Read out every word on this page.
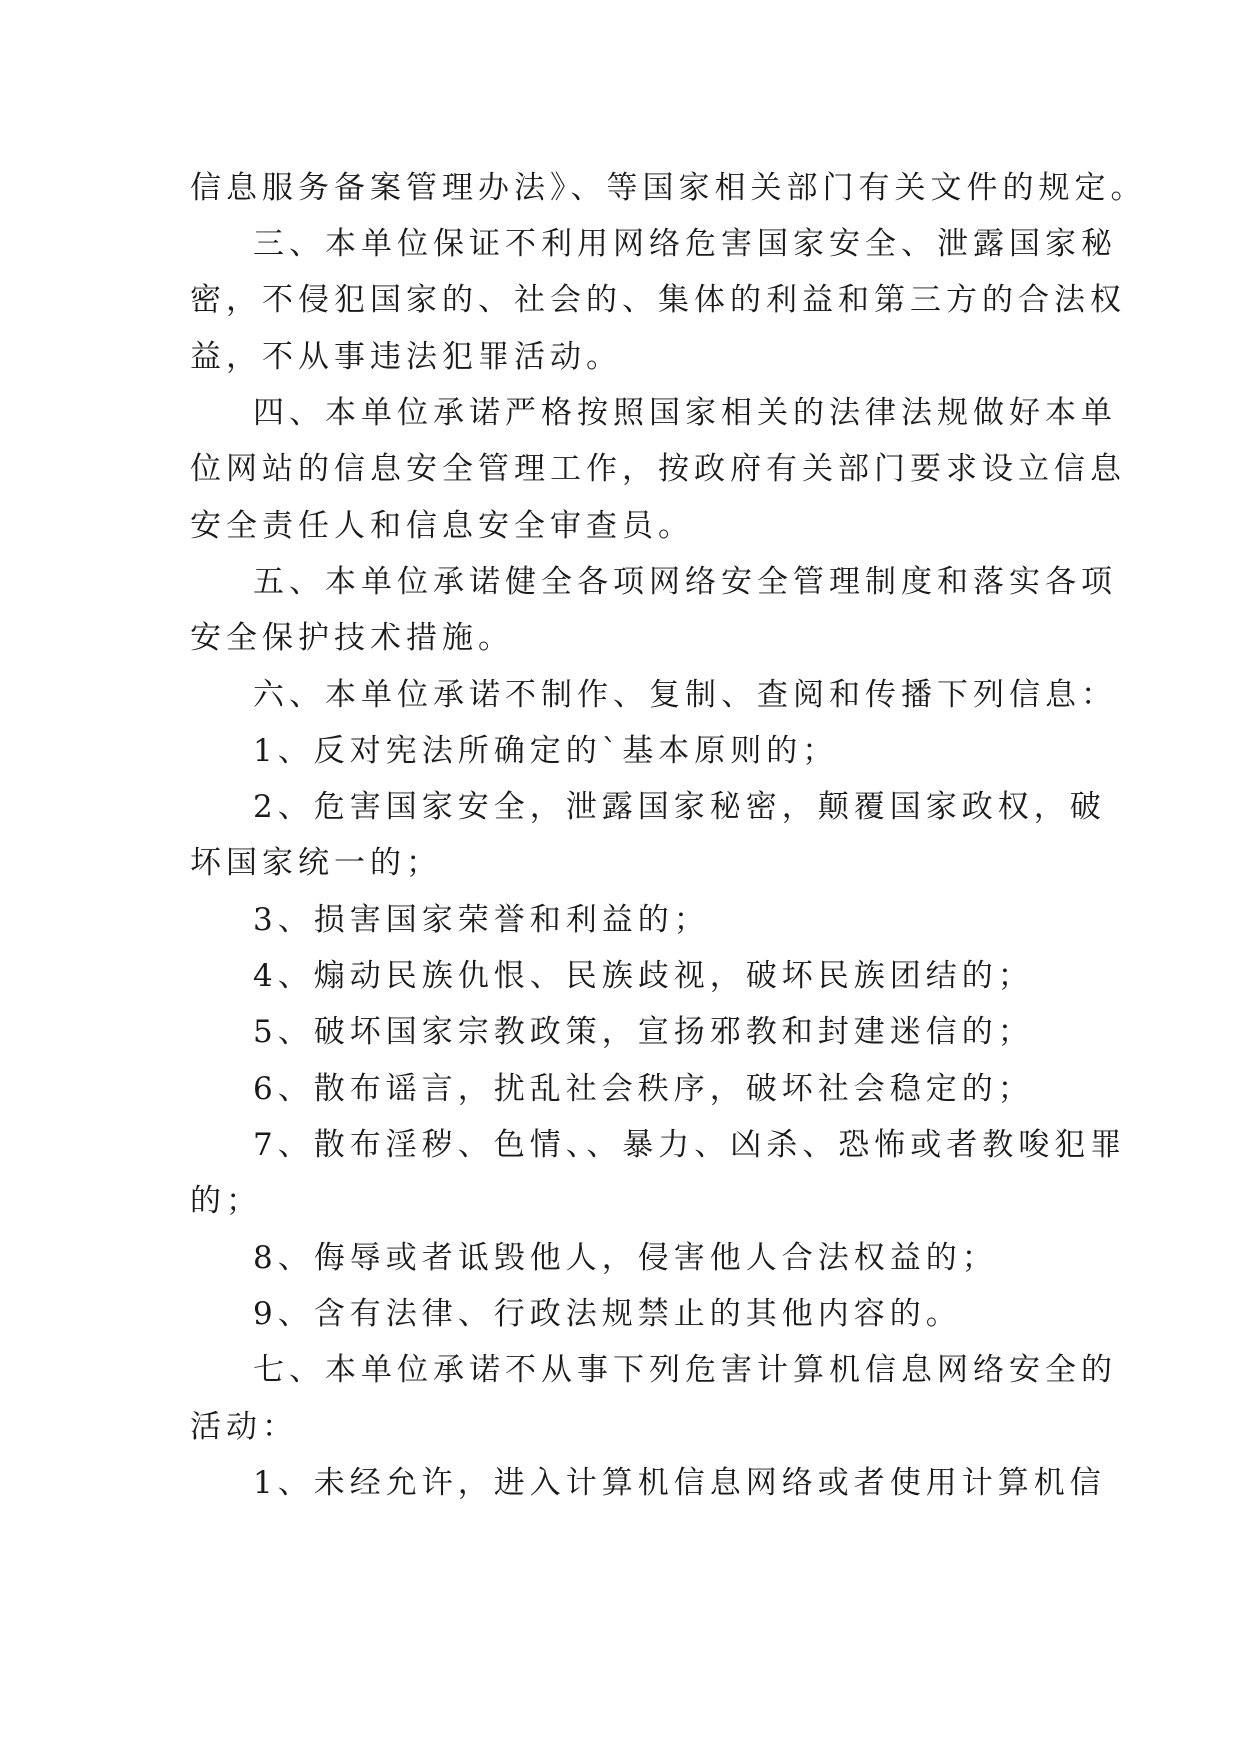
信息服务备案管理办法》、等国家相关部门有关文件的规定。
三、本单位保证不利用网络危害国家安全、泄露国家秘
密，不侵犯国家的、社会的、集体的利益和第三方的合法权
益，不从事违法犯罪活动。
四、本单位承诺严格按照国家相关的法律法规做好本单
位网站的信息安全管理工作，按政府有关部门要求设立信息
安全责任人和信息安全审查员。
五、本单位承诺健全各项网络安全管理制度和落实各项
安全保护技术措施。
六、本单位承诺不制作、复制、查阅和传播下列信息：
1、反对宪法所确定的`基本原则的；
2、危害国家安全，泄露国家秘密，颠覆国家政权，破
坏国家统一的；
3、损害国家荣誉和利益的；
4、煽动民族仇恨、民族歧视，破坏民族团结的；
5、破坏国家宗教政策，宣扬邪教和封建迷信的；
6、散布谣言，扰乱社会秩序，破坏社会稳定的；
7、散布淫秽、色情、、暴力、凶杀、恐怖或者教唆犯罪
的；
8、侮辱或者诋毁他人，侵害他人合法权益的；
9、含有法律、行政法规禁止的其他内容的。
七、本单位承诺不从事下列危害计算机信息网络安全的
活动：
1、未经允许，进入计算机信息网络或者使用计算机信
